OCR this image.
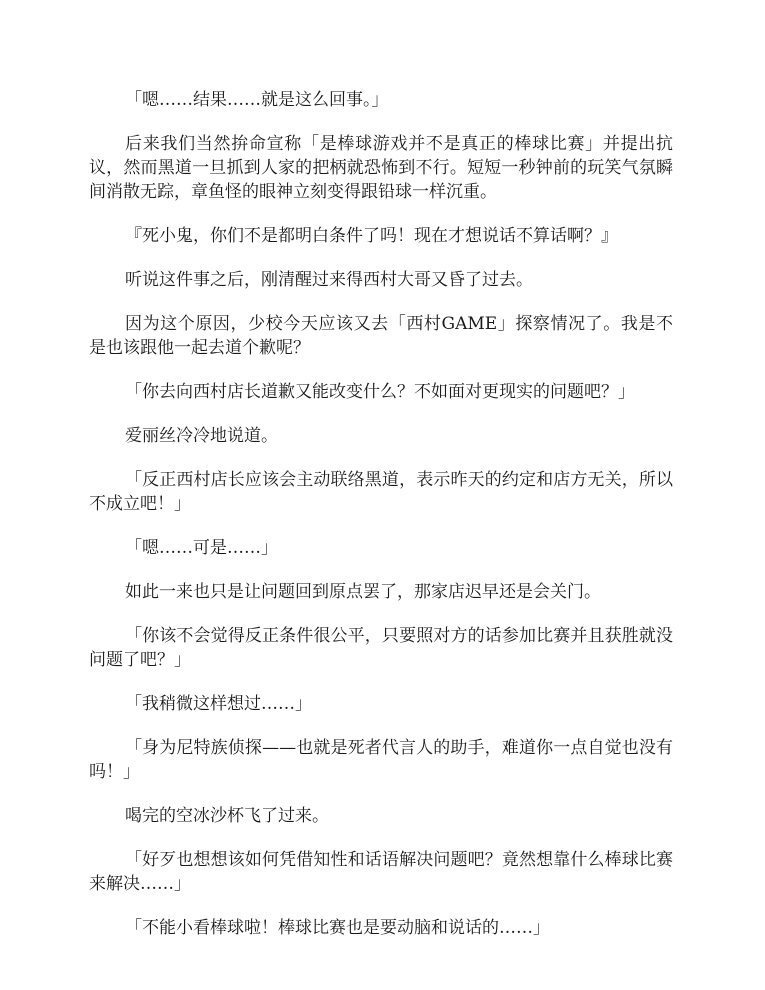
「嗯……结果……就是这么回事。」

后来我们当然拚命宣称「是棒球游戏并不是真正的棒球比赛」并提出抗议，然而黑道一旦抓到人家的把柄就恐怖到不行。短短一秒钟前的玩笑气氛瞬间消散无踪，章鱼怪的眼神立刻变得跟铅球一样沉重。

『死小鬼，你们不是都明白条件了吗！现在才想说话不算话啊？』

听说这件事之后，刚清醒过来得西村大哥又昏了过去。

因为这个原因，少校今天应该又去「西村GAME」探察情况了。我是不是也该跟他一起去道个歉呢？

「你去向西村店长道歉又能改变什么？不如面对更现实的问题吧？」

爱丽丝冷冷地说道。

「反正西村店长应该会主动联络黑道，表示昨天的约定和店方无关，所以不成立吧！」

「嗯……可是……」

如此一来也只是让问题回到原点罢了，那家店迟早还是会关门。

「你该不会觉得反正条件很公平，只要照对方的话参加比赛并且获胜就没问题了吧？」

「我稍微这样想过……」

「身为尼特族侦探——也就是死者代言人的助手，难道你一点自觉也没有吗！」

喝完的空冰沙杯飞了过来。

「好歹也想想该如何凭借知性和话语解决问题吧？竟然想靠什么棒球比赛来解决……」

「不能小看棒球啦！棒球比赛也是要动脑和说话的……」
